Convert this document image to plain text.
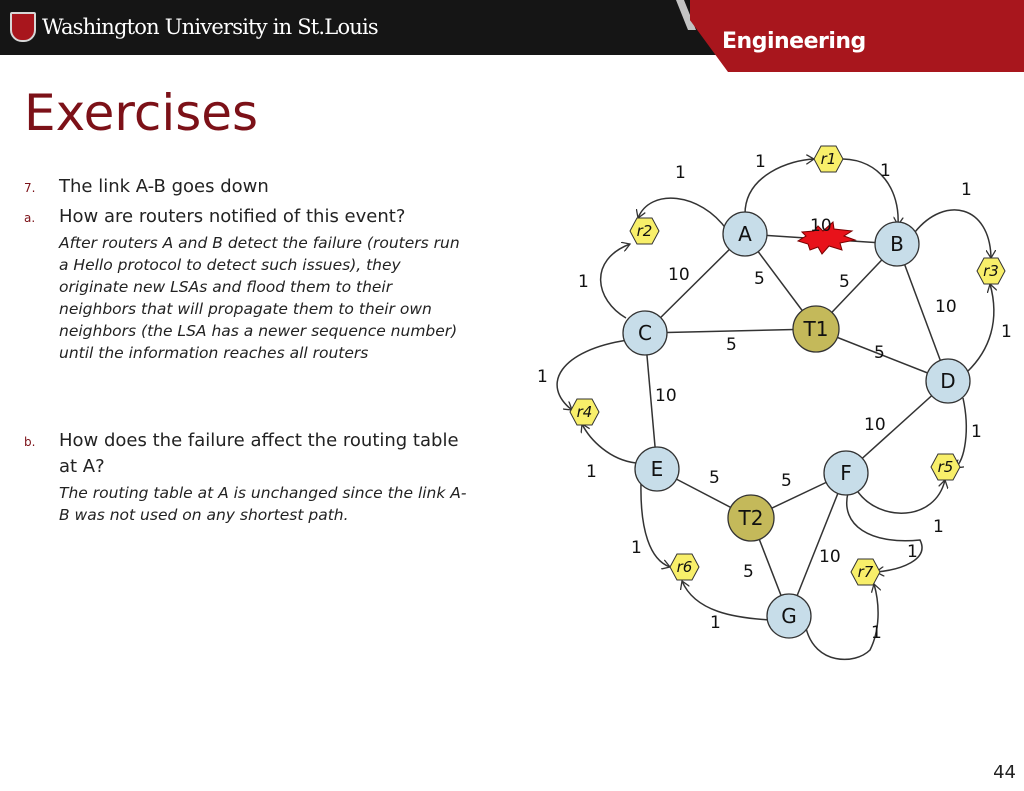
Washington University in St.Louis
Engineering
Exercises
7. The link A-B goes down
a. How are routers notified of this event?
After routers A and B detect the failure (routers run
a Hello protocol to detect such issues), they
originate new LSAs and flood them to their
neighbors that will propagate them to their own
neighbors (the LSA has a newer sequence number)
until the information reaches all routers
b. How does the failure affect the routing table
at A?
The routing table at A is unchanged since the link A-
B was not used on any shortest path.
10
10	5	5
5	5
10
10
10
5	5
5
10
1	1
1
1
1
1
1
1
1
1
1
1
1
1
T1
T2
A	B
C
D
E	F
G
r1
r2
r3
r4
r5
r6	r7
44
